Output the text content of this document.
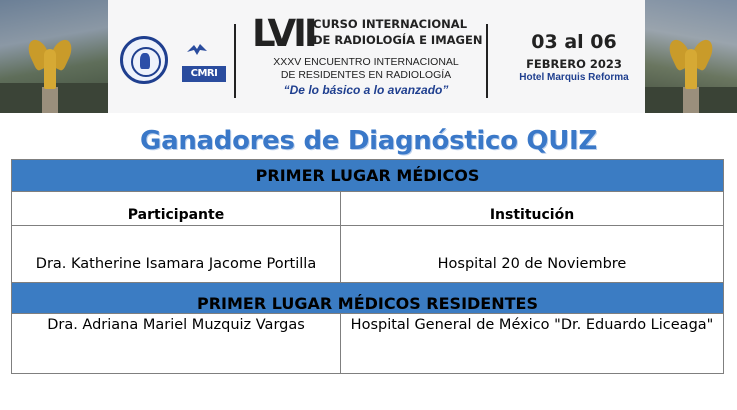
CMRI
LVII
CURSO INTERNACIONAL
DE RADIOLOGÍA E IMAGEN
XXXV ENCUENTRO INTERNACIONAL
DE RESIDENTES EN RADIOLOGÍA
“De lo básico a lo avanzado”
03 al 06
FEBRERO 2023
Hotel Marquis Reforma
Ganadores de Diagnóstico QUIZ
PRIMER LUGAR MÉDICOS	

Participante	Institución

Dra. Katherine Isamara Jacome Portilla	Hospital 20 de Noviembre

PRIMER LUGAR MÉDICOS RESIDENTES	

Dra. Adriana Mariel Muzquiz Vargas	Hospital General de México "Dr. Eduardo Liceaga"
